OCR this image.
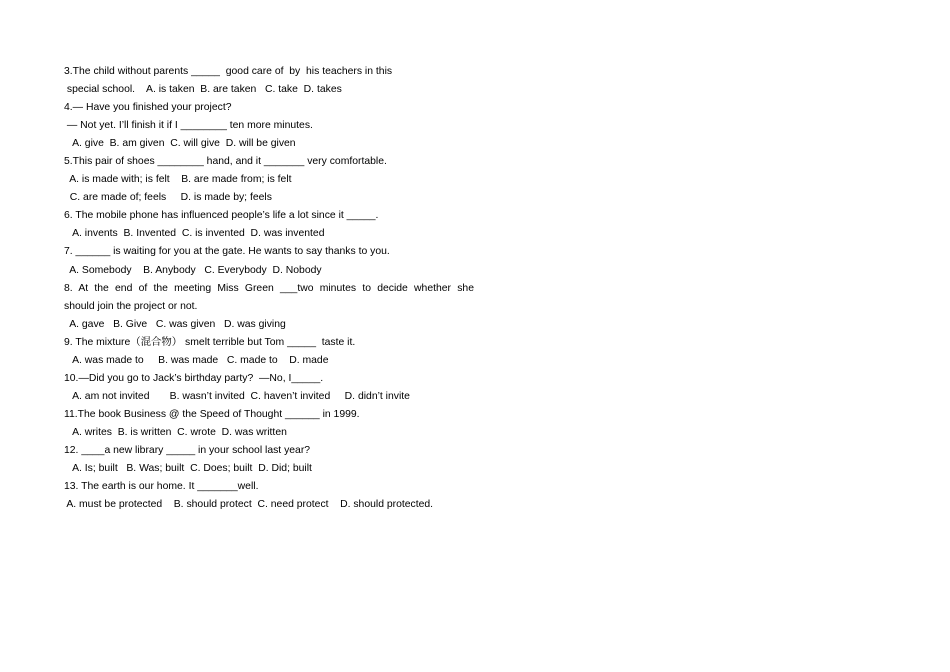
3.The child without parents _____  good care of  by  his teachers in this
special school.    A. is taken  B. are taken   C. take  D. takes
4.— Have you finished your project?
— Not yet. I’ll finish it if I ________ ten more minutes.
A. give  B. am given  C. will give  D. will be given
5.This pair of shoes ________ hand, and it _______ very comfortable.
A. is made with; is felt    B. are made from; is felt
C. are made of; feels     D. is made by; feels
6. The mobile phone has influenced people’s life a lot since it _____.
A. invents  B. Invented  C. is invented  D. was invented
7. ______ is waiting for you at the gate. He wants to say thanks to you.
A. Somebody    B. Anybody   C. Everybody  D. Nobody
8. At the end of the meeting Miss Green ___two minutes to decide whether she
should join the project or not.
A. gave   B. Give   C. was given   D. was giving
9. The mixture（混合物） smelt terrible but Tom _____  taste it.
A. was made to     B. was made   C. made to    D. made
10.—Did you go to Jack’s birthday party?  —No, I_____.
A. am not invited       B. wasn’t invited  C. haven’t invited     D. didn’t invite
11.The book Business @ the Speed of Thought ______ in 1999.
A. writes  B. is written  C. wrote  D. was written
12. ____a new library _____ in your school last year?
A. Is; built   B. Was; built  C. Does; built  D. Did; built
13. The earth is our home. It _______well.
A. must be protected    B. should protect  C. need protect    D. should protected.
